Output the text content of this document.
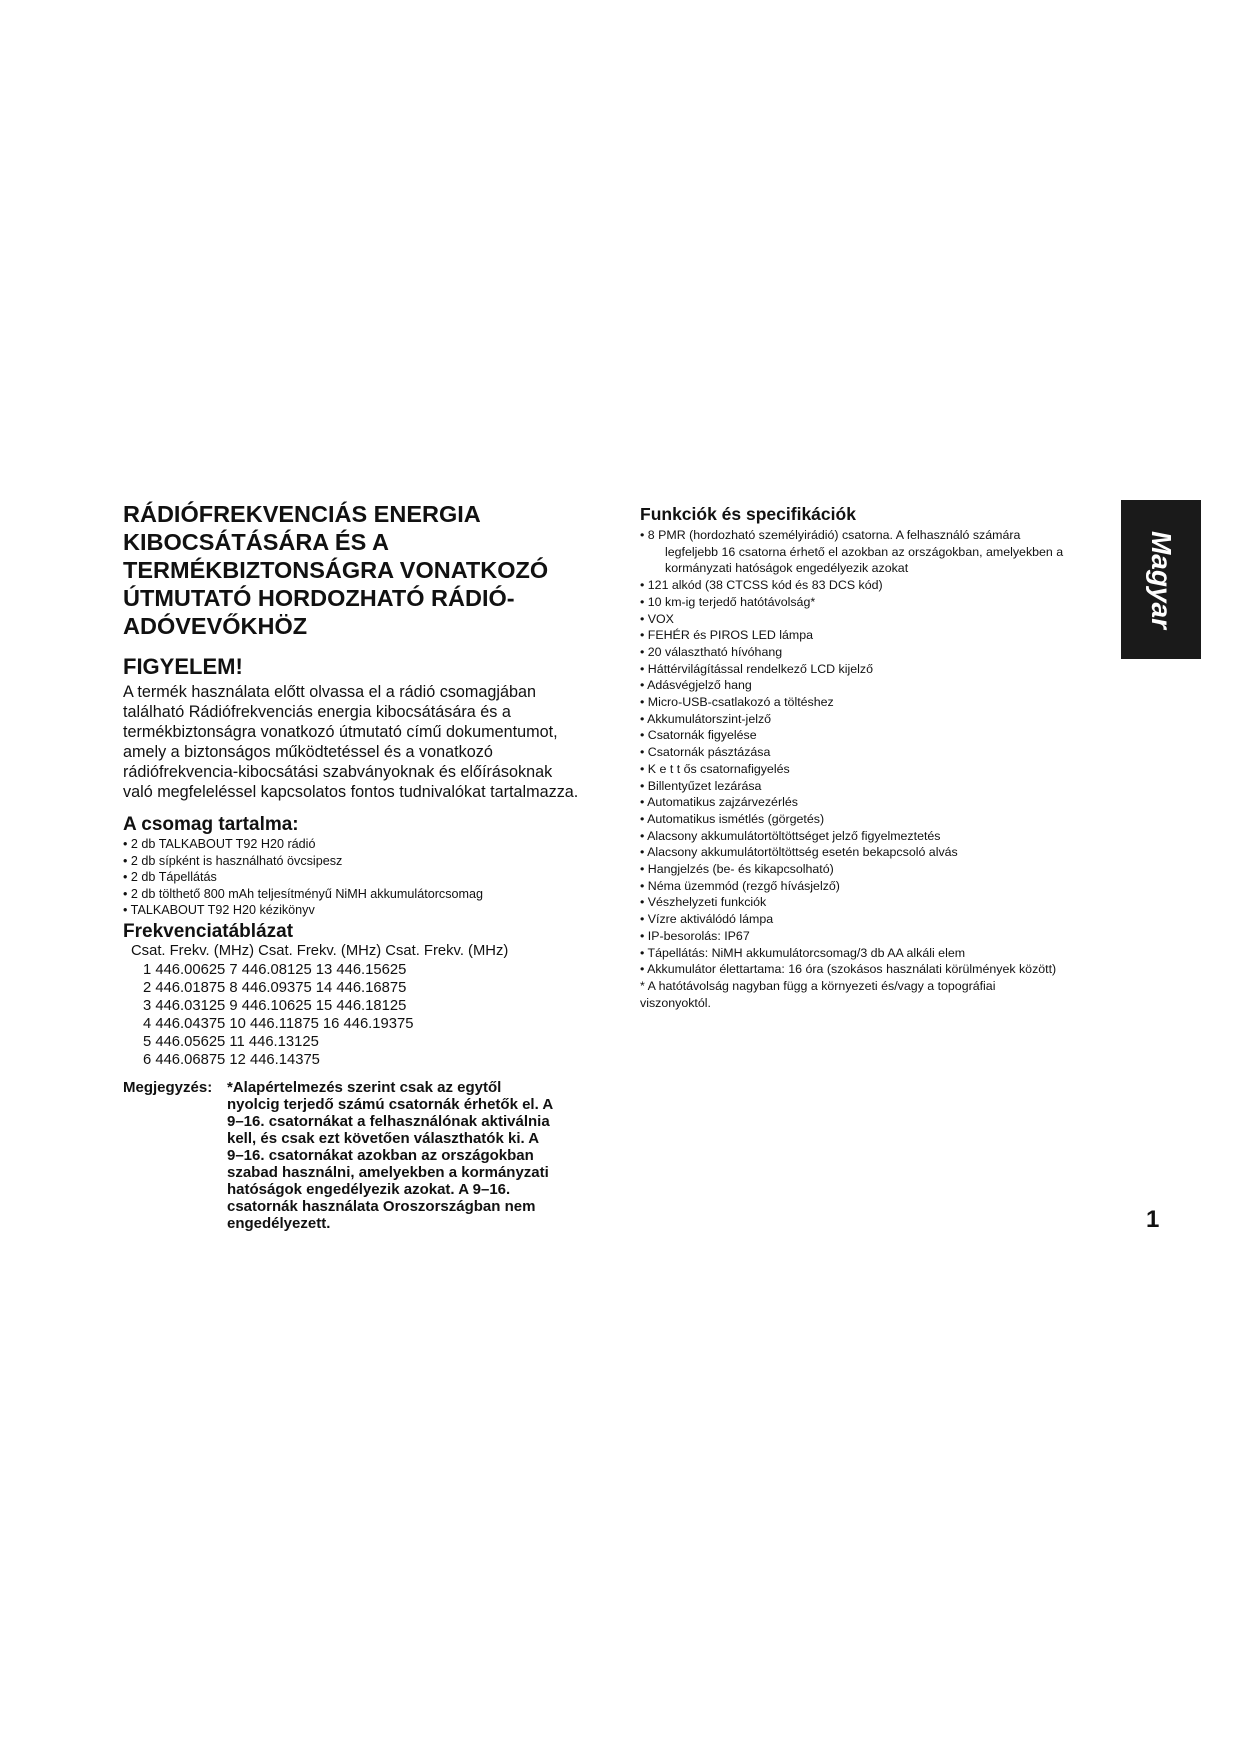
RÁDIÓFREKVENCIÁS ENERGIA
KIBOCSÁTÁSÁRA ÉS A
TERMÉKBIZTONSÁGRA VONATKOZÓ
ÚTMUTATÓ HORDOZHATÓ RÁDIÓ-
ADÓVEVŐKHÖZ
FIGYELEM!

A termék használata előtt olvassa el a rádió csomagjában
található Rádiófrekvenciás energia kibocsátására és a
termékbiztonságra vonatkozó útmutató című dokumentumot,
amely a biztonságos működtetéssel és a vonatkozó
rádiófrekvencia-kibocsátási szabványoknak és előírásoknak
való megfeleléssel kapcsolatos fontos tudnivalókat tartalmazza.

A csomag tartalma:
• 2 db TALKABOUT T92 H20 rádió
• 2 db sípként is használható övcsipesz
• 2 db Tápellátás
• 2 db tölthető 800 mAh teljesítményű NiMH akkumulátorcsomag
• TALKABOUT T92 H20 kézikönyv
Frekvenciatáblázat
Csat. Frekv. (MHz) Csat. Frekv. (MHz) Csat. Frekv. (MHz)
1 446.00625 7 446.08125 13 446.15625
2 446.01875 8 446.09375 14 446.16875
3 446.03125 9 446.10625 15 446.18125
4 446.04375 10 446.11875 16 446.19375
5 446.05625 11 446.13125
6 446.06875 12 446.14375
Megjegyzés: *Alapértelmezés szerint csak az egytől
nyolcig terjedő számú csatornák érhetők el. A
9–16. csatornákat a felhasználónak aktiválnia
kell, és csak ezt követően választhatók ki. A
9–16. csatornákat azokban az országokban
szabad használni, amelyekben a kormányzati
hatóságok engedélyezik azokat. A 9–16.
csatornák használata Oroszországban nem
engedélyezett.
Funkciók és specifikációk
• 8 PMR (hordozható személyirádió) csatorna. A felhasználó számára
legfeljebb 16 csatorna érhető el azokban az országokban, amelyekben a
kormányzati hatóságok engedélyezik azokat
• 121 alkód (38 CTCSS kód és 83 DCS kód)
• 10 km-ig terjedő hatótávolság*
• VOX
• FEHÉR és PIROS LED lámpa
• 20 választható hívóhang
• Háttérvilágítással rendelkező LCD kijelző
• Adásvégjelző hang
• Micro-USB-csatlakozó a töltéshez
• Akkumulátorszint-jelző
• Csatornák figyelése
• Csatornák pásztázása
• K e t t ős csatornafigyelés
• Billentyűzet lezárása
• Automatikus zajzárvezérlés
• Automatikus ismétlés (görgetés)
• Alacsony akkumulátortöltöttséget jelző figyelmeztetés
• Alacsony akkumulátortöltöttség esetén bekapcsoló alvás
• Hangjelzés (be- és kikapcsolható)
• Néma üzemmód (rezgő hívásjelző)
• Vészhelyzeti funkciók
• Vízre aktiválódó lámpa
• IP-besorolás: IP67
• Tápellátás: NiMH akkumulátorcsomag/3 db AA alkáli elem
• Akkumulátor élettartama: 16 óra (szokásos használati körülmények között)
* A hatótávolság nagyban függ a környezeti és/vagy a topográfiai
viszonyoktól.
Magyar
1
